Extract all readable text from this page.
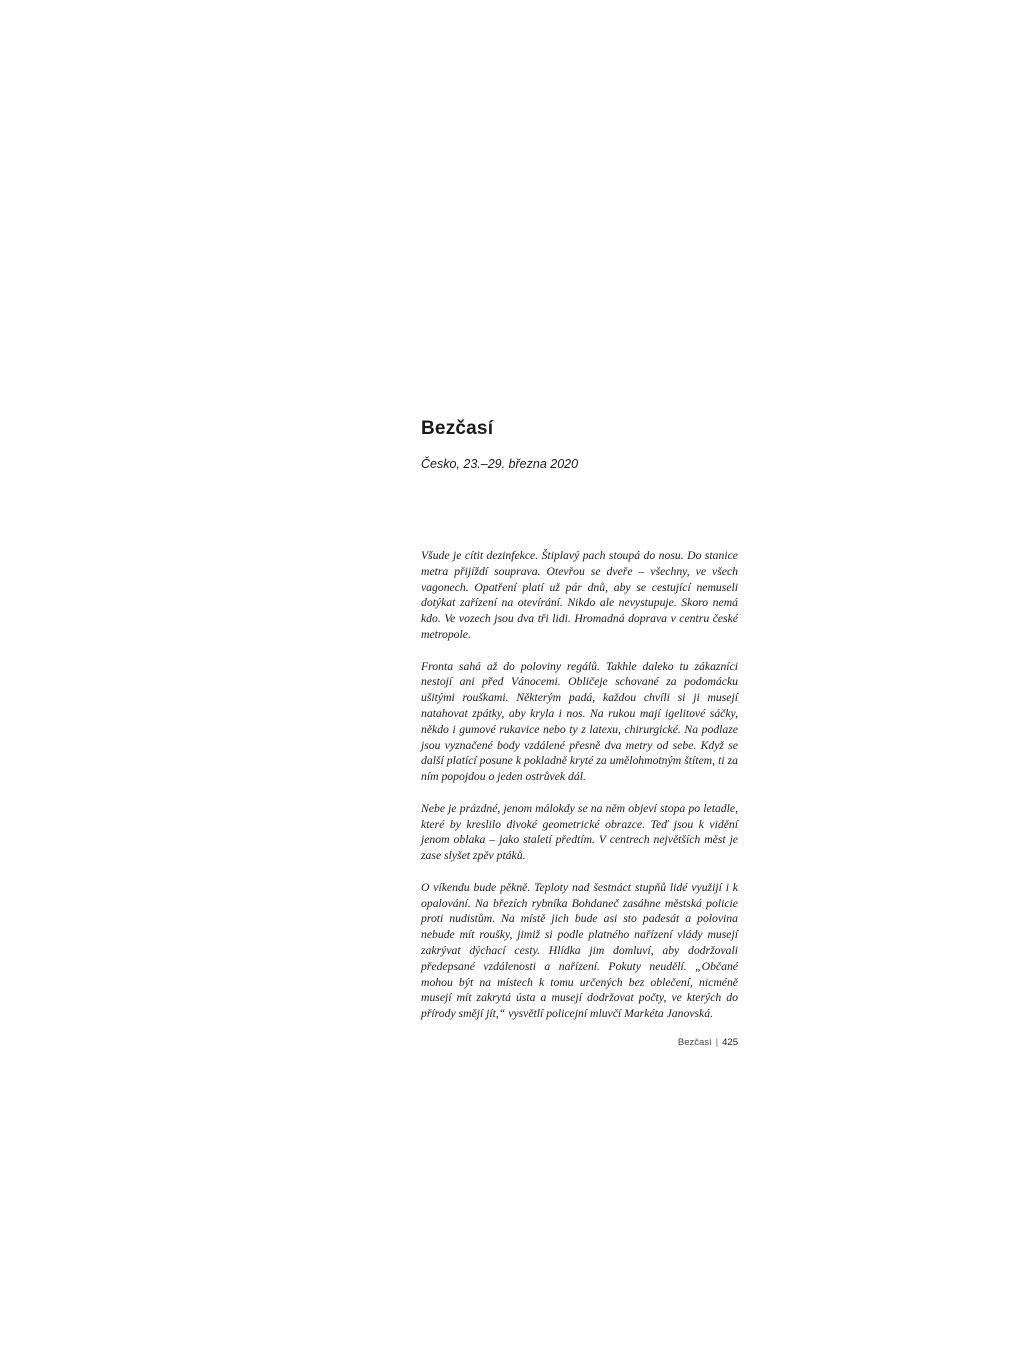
Bezčasí

Česko, 23.–29. března 2020

Všude je cítit dezinfekce. Štiplavý pach stoupá do nosu. Do stanice metra přijíždí souprava. Otevřou se dveře – všechny, ve všech vagonech. Opatření platí už pár dnů, aby se cestující nemuseli dotýkat zařízení na otevírání. Nikdo ale nevystupuje. Skoro nemá kdo. Ve vozech jsou dva tři lidi. Hromadná doprava v centru české metropole.

Fronta sahá až do poloviny regálů. Takhle daleko tu zákazníci nestojí ani před Vánocemi. Obličeje schované za podomácku ušitými rouškami. Některým padá, každou chvíli si ji musejí natahovat zpátky, aby kryla i nos. Na rukou mají igelitové sáčky, někdo i gumové rukavice nebo ty z latexu, chirurgické. Na podlaze jsou vyznačené body vzdálené přesně dva metry od sebe. Když se další platící posune k pokladně kryté za umělohmotným štítem, ti za ním popojdou o jeden ostrůvek dál.

Nebe je prázdné, jenom málokdy se na něm objeví stopa po letadle, které by kreslilo divoké geometrické obrazce. Teď jsou k vidění jenom oblaka – jako staletí předtím. V centrech největších měst je zase slyšet zpěv ptáků.

O víkendu bude pěkně. Teploty nad šestnáct stupňů lidé využijí i k opalování. Na březích rybníka Bohdaneč zasáhne městská policie proti nudistům. Na místě jich bude asi sto padesát a polovina nebude mít roušky, jimiž si podle platného nařízení vlády musejí zakrývat dýchací cesty. Hlídka jim domluví, aby dodržovali předepsané vzdálenosti a nařízení. Pokuty neudělí. „Občané mohou být na místech k tomu určených bez oblečení, nicméně musejí mít zakrytá ústa a musejí dodržovat počty, ve kterých do přírody smějí jít,“ vysvětlí policejní mluvčí Markéta Janovská.

Bezčasí | 425
